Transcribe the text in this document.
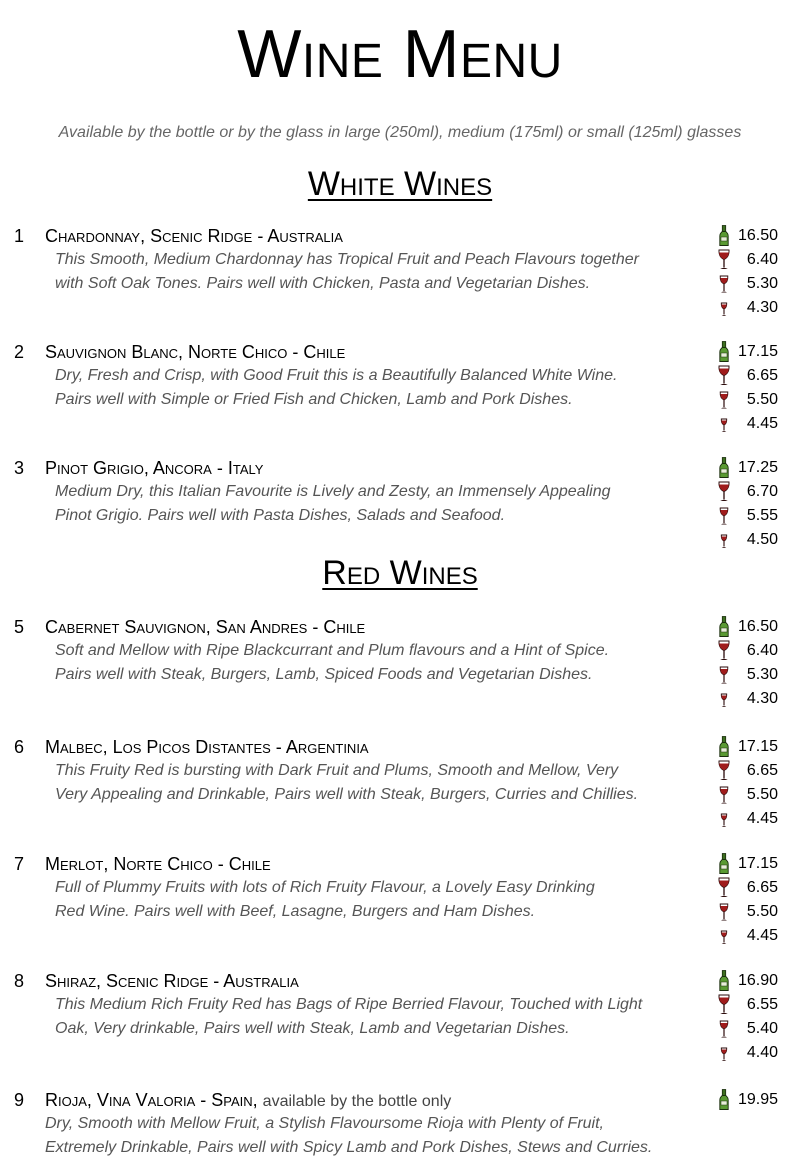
Wine Menu
Available by the bottle or by the glass in large (250ml), medium (175ml) or small (125ml) glasses
White Wines
1 Chardonnay, Scenic Ridge - Australia
This Smooth, Medium Chardonnay has Tropical Fruit and Peach Flavours together
with Soft Oak Tones. Pairs well with Chicken, Pasta and Vegetarian Dishes.
16.50
6.40
5.30
4.30
2 Sauvignon Blanc, Norte Chico - Chile
Dry, Fresh and Crisp, with Good Fruit this is a Beautifully Balanced White Wine.
Pairs well with Simple or Fried Fish and Chicken, Lamb and Pork Dishes.
17.15
6.65
5.50
4.45
3 Pinot Grigio, Ancora - Italy
Medium Dry, this Italian Favourite is Lively and Zesty, an Immensely Appealing
Pinot Grigio. Pairs well with Pasta Dishes, Salads and Seafood.
17.25
6.70
5.55
4.50
Red Wines
5 Cabernet Sauvignon, San Andres - Chile
Soft and Mellow with Ripe Blackcurrant and Plum flavours and a Hint of Spice.
Pairs well with Steak, Burgers, Lamb, Spiced Foods and Vegetarian Dishes.
16.50
6.40
5.30
4.30
6 Malbec, Los Picos Distantes - Argentinia
This Fruity Red is bursting with Dark Fruit and Plums, Smooth and Mellow, Very
Very Appealing and Drinkable, Pairs well with Steak, Burgers, Curries and Chillies.
17.15
6.65
5.50
4.45
7 Merlot, Norte Chico - Chile
Full of Plummy Fruits with lots of Rich Fruity Flavour, a Lovely Easy Drinking
Red Wine. Pairs well with Beef, Lasagne, Burgers and Ham Dishes.
17.15
6.65
5.50
4.45
8 Shiraz, Scenic Ridge - Australia
This Medium Rich Fruity Red has Bags of Ripe Berried Flavour, Touched with Light
Oak, Very drinkable, Pairs well with Steak, Lamb and Vegetarian Dishes.
16.90
6.55
5.40
4.40
9 Rioja, Vina Valoria - Spain, available by the bottle only
Dry, Smooth with Mellow Fruit, a Stylish Flavoursome Rioja with Plenty of Fruit,
Extremely Drinkable, Pairs well with Spicy Lamb and Pork Dishes, Stews and Curries.
19.95
